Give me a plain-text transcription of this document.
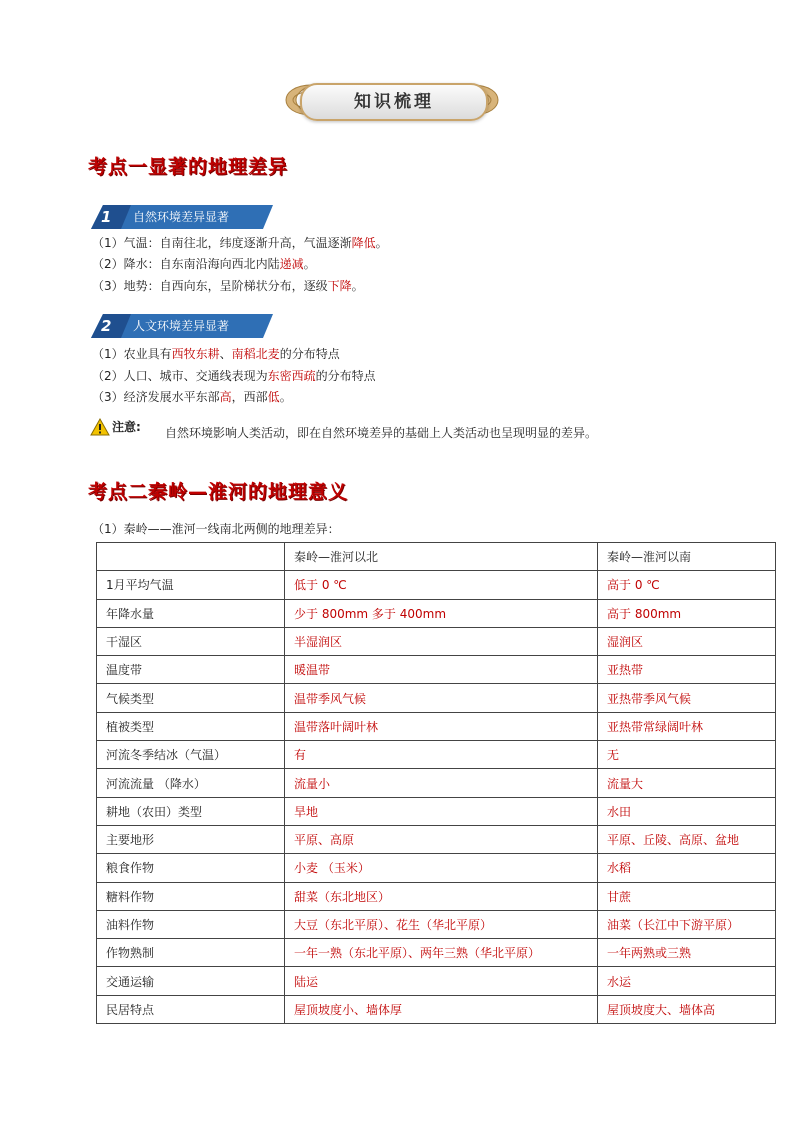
知识梳理
考点一显著的地理差异
1 自然环境差异显著
（1）气温：自南往北，纬度逐渐升高，气温逐渐降低。
（2）降水：自东南沿海向西北内陆递减。
（3）地势：自西向东，呈阶梯状分布，逐级下降。
2 人文环境差异显著
（1）农业具有西牧东耕、南稻北麦的分布特点
（2）人口、城市、交通线表现为东密西疏的分布特点
（3）经济发展水平东部高，西部低。
注意: 自然环境影响人类活动，即在自然环境差异的基础上人类活动也呈现明显的差异。
考点二秦岭—淮河的地理意义
（1）秦岭——淮河一线南北两侧的地理差异：
	秦岭—淮河以北	秦岭—淮河以南
1月平均气温	低于 0 ℃	高于 0 ℃
年降水量	少于 800mm 多于 400mm	高于 800mm
干湿区	半湿润区	湿润区
温度带	暖温带	亚热带
气候类型	温带季风气候	亚热带季风气候
植被类型	温带落叶阔叶林	亚热带常绿阔叶林
河流冬季结冰（气温）	有	无
河流流量 （降水）	流量小	流量大
耕地（农田）类型	旱地	水田
主要地形	平原、高原	平原、丘陵、高原、盆地
粮食作物	小麦 （玉米）	水稻
糖料作物	甜菜（东北地区）	甘蔗
油料作物	大豆（东北平原）、花生（华北平原）	油菜（长江中下游平原）
作物熟制	一年一熟（东北平原）、两年三熟（华北平原）	一年两熟或三熟
交通运输	陆运	水运
民居特点	屋顶坡度小、墙体厚	屋顶坡度大、墙体高
